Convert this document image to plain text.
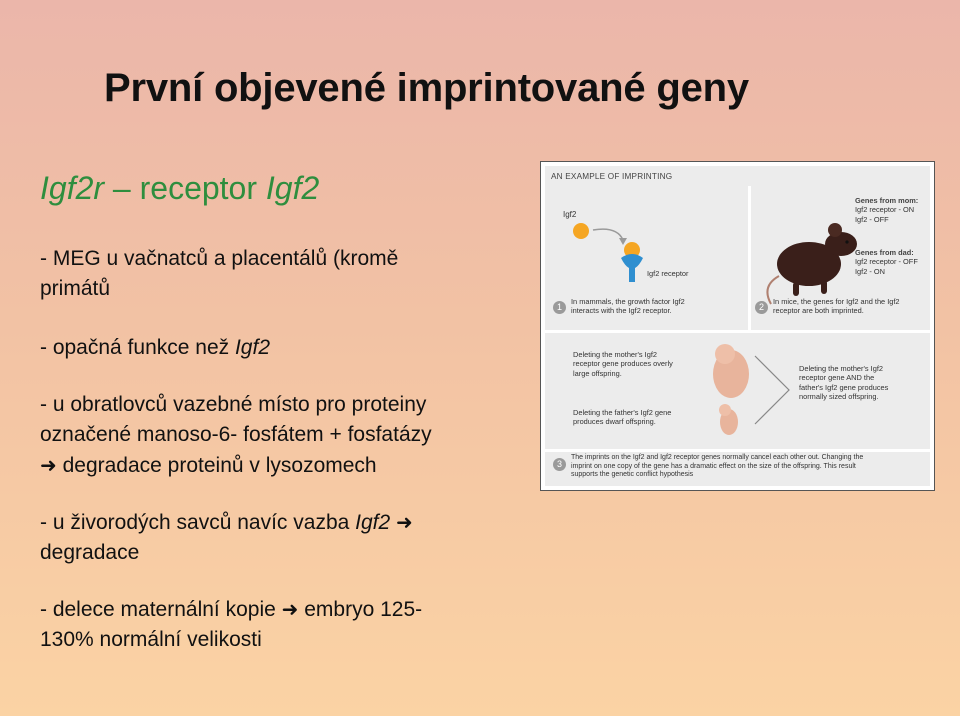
První objevené imprintované geny
Igf2r – receptor Igf2
- MEG u vačnatců a placentálů (kromě
primátů
- opačná funkce než Igf2
- u obratlovců vazebné místo pro proteiny
označené manoso-6- fosfátem + fosfatázy
➜ degradace proteinů v lysozomech
- u živorodých savců navíc vazba Igf2 ➜
degradace
- delece maternální kopie ➜ embryo 125-
130% normální velikosti
AN EXAMPLE OF IMPRINTING
Igf2
Igf2 receptor
1
In mammals, the growth factor Igf2
interacts with the Igf2 receptor.
Genes from mom:
Igf2 receptor - ON
Igf2 - OFF
Genes from dad:
Igf2 receptor - OFF
Igf2 - ON
2
In mice, the genes for Igf2 and the Igf2
receptor are both imprinted.
Deleting the mother's Igf2
receptor gene produces overly
large offspring.
Deleting the father's Igf2 gene
produces dwarf offspring.
Deleting the mother's Igf2
receptor gene AND the
father's Igf2 gene produces
normally sized offspring.
3
The imprints on the Igf2 and Igf2 receptor genes normally cancel each other out. Changing the
imprint on one copy of the gene has a dramatic effect on the size of the offspring. This result
supports the genetic conflict hypothesis
